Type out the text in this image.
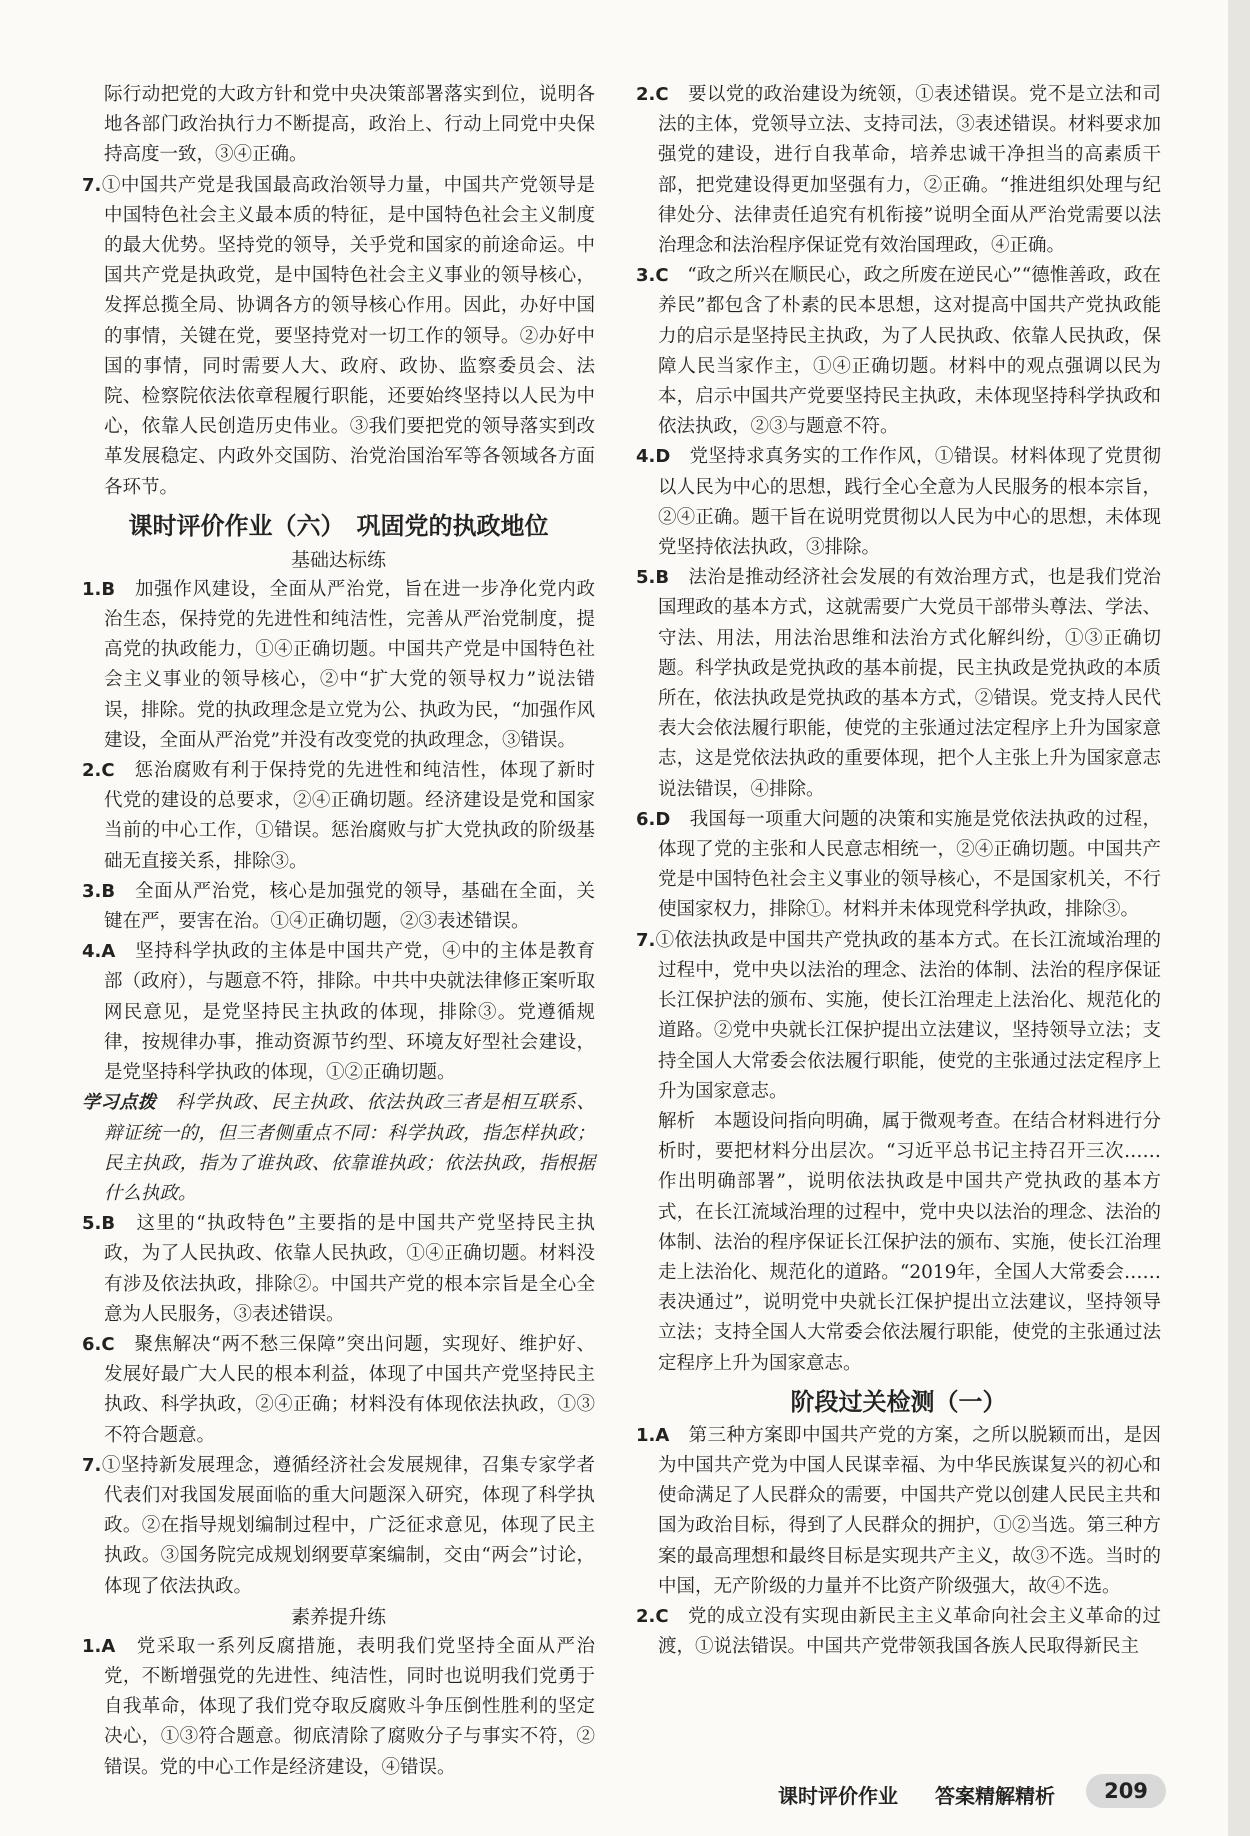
际行动把党的大政方针和党中央决策部署落实到位，说明各地各部门政治执行力不断提高，政治上、行动上同党中央保持高度一致，③④正确。

7.①中国共产党是我国最高政治领导力量，中国共产党领导是中国特色社会主义最本质的特征，是中国特色社会主义制度的最大优势。坚持党的领导，关乎党和国家的前途命运。中国共产党是执政党，是中国特色社会主义事业的领导核心，发挥总揽全局、协调各方的领导核心作用。因此，办好中国的事情，关键在党，要坚持党对一切工作的领导。②办好中国的事情，同时需要人大、政府、政协、监察委员会、法院、检察院依法依章程履行职能，还要始终坚持以人民为中心，依靠人民创造历史伟业。③我们要把党的领导落实到改革发展稳定、内政外交国防、治党治国治军等各领域各方面各环节。

课时评价作业（六）　巩固党的执政地位
基础达标练

1.B　 加强作风建设，全面从严治党，旨在进一步净化党内政治生态，保持党的先进性和纯洁性，完善从严治党制度，提高党的执政能力，①④正确切题。中国共产党是中国特色社会主义事业的领导核心，②中“扩大党的领导权力”说法错误，排除。党的执政理念是立党为公、执政为民，“加强作风建设，全面从严治党”并没有改变党的执政理念，③错误。

2.C　 惩治腐败有利于保持党的先进性和纯洁性，体现了新时代党的建设的总要求，②④正确切题。经济建设是党和国家当前的中心工作，①错误。惩治腐败与扩大党执政的阶级基础无直接关系，排除③。

3.B　 全面从严治党，核心是加强党的领导，基础在全面，关键在严，要害在治。①④正确切题，②③表述错误。

4.A　 坚持科学执政的主体是中国共产党，④中的主体是教育部（政府），与题意不符，排除。中共中央就法律修正案听取网民意见，是党坚持民主执政的体现，排除③。党遵循规律，按规律办事，推动资源节约型、环境友好型社会建设，是党坚持科学执政的体现，①②正确切题。

学习点拨　 科学执政、民主执政、依法执政三者是相互联系、辩证统一的，但三者侧重点不同：科学执政，指怎样执政；民主执政，指为了谁执政、依靠谁执政；依法执政，指根据什么执政。

5.B　 这里的“执政特色”主要指的是中国共产党坚持民主执政，为了人民执政、依靠人民执政，①④正确切题。材料没有涉及依法执政，排除②。中国共产党的根本宗旨是全心全意为人民服务，③表述错误。

6.C　 聚焦解决“两不愁三保障”突出问题，实现好、维护好、发展好最广大人民的根本利益，体现了中国共产党坚持民主执政、科学执政，②④正确；材料没有体现依法执政，①③不符合题意。

7.①坚持新发展理念，遵循经济社会发展规律，召集专家学者代表们对我国发展面临的重大问题深入研究，体现了科学执政。②在指导规划编制过程中，广泛征求意见，体现了民主执政。③国务院完成规划纲要草案编制，交由“两会”讨论，体现了依法执政。

素养提升练

1.A　 党采取一系列反腐措施，表明我们党坚持全面从严治党，不断增强党的先进性、纯洁性，同时也说明我们党勇于自我革命，体现了我们党夺取反腐败斗争压倒性胜利的坚定决心，①③符合题意。彻底清除了腐败分子与事实不符，②错误。党的中心工作是经济建设，④错误。

2.C　 要以党的政治建设为统领，①表述错误。党不是立法和司法的主体，党领导立法、支持司法，③表述错误。材料要求加强党的建设，进行自我革命，培养忠诚干净担当的高素质干部，把党建设得更加坚强有力，②正确。“推进组织处理与纪律处分、法律责任追究有机衔接”说明全面从严治党需要以法治理念和法治程序保证党有效治国理政，④正确。

3.C　 “政之所兴在顺民心，政之所废在逆民心”“德惟善政，政在养民”都包含了朴素的民本思想，这对提高中国共产党执政能力的启示是坚持民主执政，为了人民执政、依靠人民执政，保障人民当家作主，①④正确切题。材料中的观点强调以民为本，启示中国共产党要坚持民主执政，未体现坚持科学执政和依法执政，②③与题意不符。

4.D　 党坚持求真务实的工作作风，①错误。材料体现了党贯彻以人民为中心的思想，践行全心全意为人民服务的根本宗旨，②④正确。题干旨在说明党贯彻以人民为中心的思想，未体现党坚持依法执政，③排除。

5.B　 法治是推动经济社会发展的有效治理方式，也是我们党治国理政的基本方式，这就需要广大党员干部带头尊法、学法、守法、用法，用法治思维和法治方式化解纠纷，①③正确切题。科学执政是党执政的基本前提，民主执政是党执政的本质所在，依法执政是党执政的基本方式，②错误。党支持人民代表大会依法履行职能，使党的主张通过法定程序上升为国家意志，这是党依法执政的重要体现，把个人主张上升为国家意志说法错误，④排除。

6.D　 我国每一项重大问题的决策和实施是党依法执政的过程，体现了党的主张和人民意志相统一，②④正确切题。中国共产党是中国特色社会主义事业的领导核心，不是国家机关，不行使国家权力，排除①。材料并未体现党科学执政，排除③。

7.①依法执政是中国共产党执政的基本方式。在长江流域治理的过程中，党中央以法治的理念、法治的体制、法治的程序保证长江保护法的颁布、实施，使长江治理走上法治化、规范化的道路。②党中央就长江保护提出立法建议，坚持领导立法；支持全国人大常委会依法履行职能，使党的主张通过法定程序上升为国家意志。

解析　本题设问指向明确，属于微观考查。在结合材料进行分析时，要把材料分出层次。“习近平总书记主持召开三次……作出明确部署”，说明依法执政是中国共产党执政的基本方式，在长江流域治理的过程中，党中央以法治的理念、法治的体制、法治的程序保证长江保护法的颁布、实施，使长江治理走上法治化、规范化的道路。“2019年，全国人大常委会……表决通过”，说明党中央就长江保护提出立法建议，坚持领导立法；支持全国人大常委会依法履行职能，使党的主张通过法定程序上升为国家意志。

阶段过关检测（一）

1.A　 第三种方案即中国共产党的方案，之所以脱颖而出，是因为中国共产党为中国人民谋幸福、为中华民族谋复兴的初心和使命满足了人民群众的需要，中国共产党以创建人民民主共和国为政治目标，得到了人民群众的拥护，①②当选。第三种方案的最高理想和最终目标是实现共产主义，故③不选。当时的中国，无产阶级的力量并不比资产阶级强大，故④不选。

2.C　 党的成立没有实现由新民主主义革命向社会主义革命的过渡，①说法错误。中国共产党带领我国各族人民取得新民主

课时评价作业 答案精解精析	209
